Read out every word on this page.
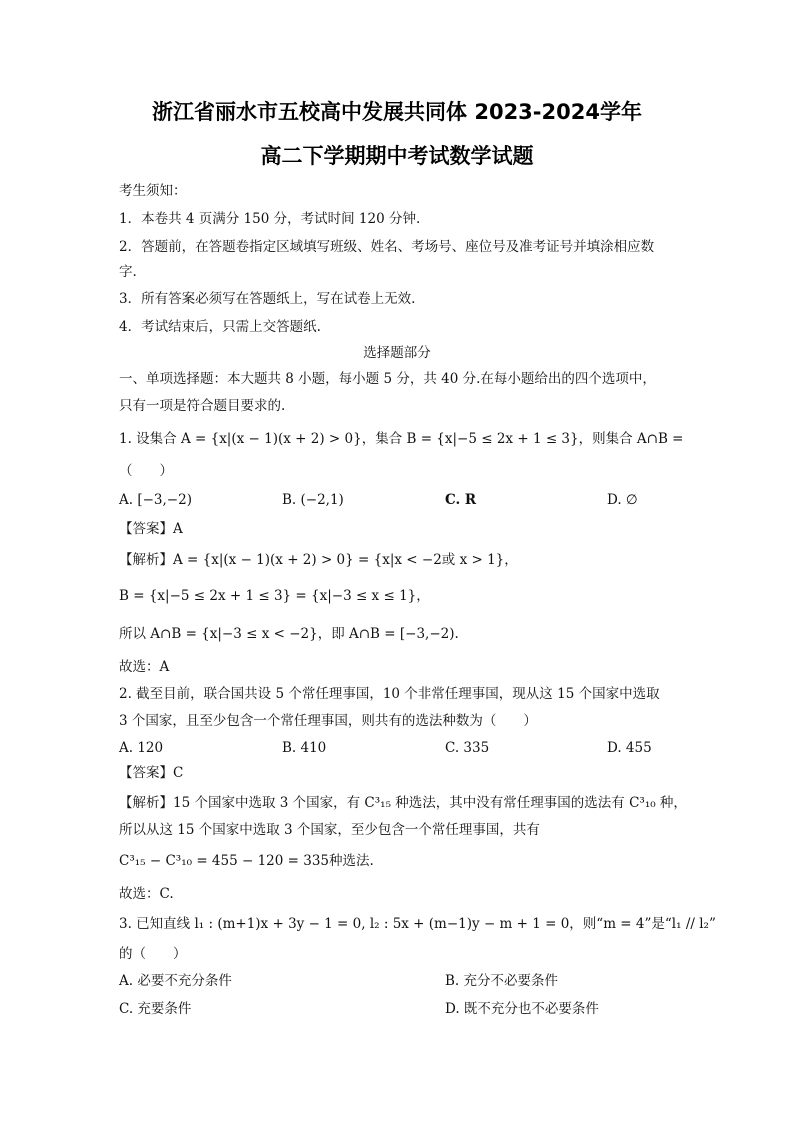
浙江省丽水市五校高中发展共同体 2023-2024学年
高二下学期期中考试数学试题
考生须知：
1．本卷共 4 页满分 150 分，考试时间 120 分钟.
2．答题前，在答题卷指定区域填写班级、姓名、考场号、座位号及准考证号并填涂相应数
字.
3．所有答案必须写在答题纸上，写在试卷上无效.
4．考试结束后，只需上交答题纸.
选择题部分
一、单项选择题：本大题共 8 小题，每小题 5 分，共 40 分.在每小题给出的四个选项中，
只有一项是符合题目要求的.
1. 设集合 A = {x|(x − 1)(x + 2) > 0}，集合 B = {x|−5 ≤ 2x + 1 ≤ 3}，则集合 A∩B =
（　　）
A. [−3,−2)	B. (−2,1)	C. R	D. ∅
【答案】A
【解析】A = {x|(x − 1)(x + 2) > 0} = {x|x < −2或 x > 1}，
B = {x|−5 ≤ 2x + 1 ≤ 3} = {x|−3 ≤ x ≤ 1}，
所以 A∩B = {x|−3 ≤ x < −2}，即 A∩B = [−3,−2).
故选：A
2. 截至目前，联合国共设 5 个常任理事国，10 个非常任理事国，现从这 15 个国家中选取
3 个国家，且至少包含一个常任理事国，则共有的选法种数为（　　）
A. 120	B. 410	C. 335	D. 455
【答案】C
【解析】15 个国家中选取 3 个国家，有 C³₁₅ 种选法，其中没有常任理事国的选法有 C³₁₀ 种，
所以从这 15 个国家中选取 3 个国家，至少包含一个常任理事国，共有
C³₁₅ − C³₁₀ = 455 − 120 = 335种选法.
故选：C.
3. 已知直线 l₁ : (m+1)x + 3y − 1 = 0, l₂ : 5x + (m−1)y − m + 1 = 0，则“m = 4”是“l₁ // l₂”
的（　　）
A. 必要不充分条件	B. 充分不必要条件
C. 充要条件	D. 既不充分也不必要条件
